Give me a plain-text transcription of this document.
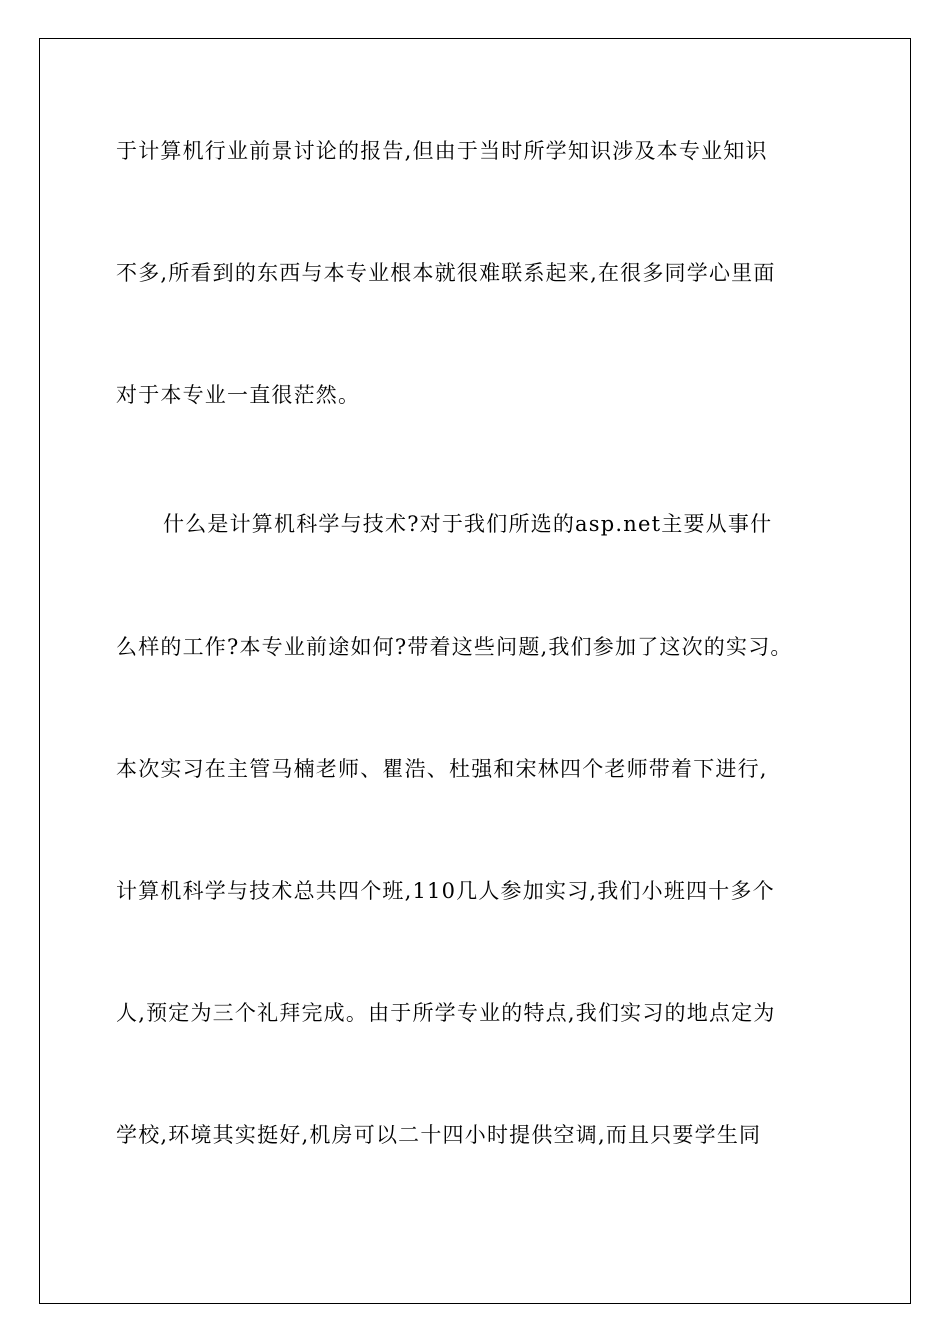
于计算机行业前景讨论的报告,但由于当时所学知识涉及本专业知识
不多,所看到的东西与本专业根本就很难联系起来,在很多同学心里面
对于本专业一直很茫然。
什么是计算机科学与技术?对于我们所选的asp.net主要从事什
么样的工作?本专业前途如何?带着这些问题,我们参加了这次的实习。
本次实习在主管马楠老师、瞿浩、杜强和宋林四个老师带着下进行,
计算机科学与技术总共四个班,110几人参加实习,我们小班四十多个
人,预定为三个礼拜完成。由于所学专业的特点,我们实习的地点定为
学校,环境其实挺好,机房可以二十四小时提供空调,而且只要学生同
